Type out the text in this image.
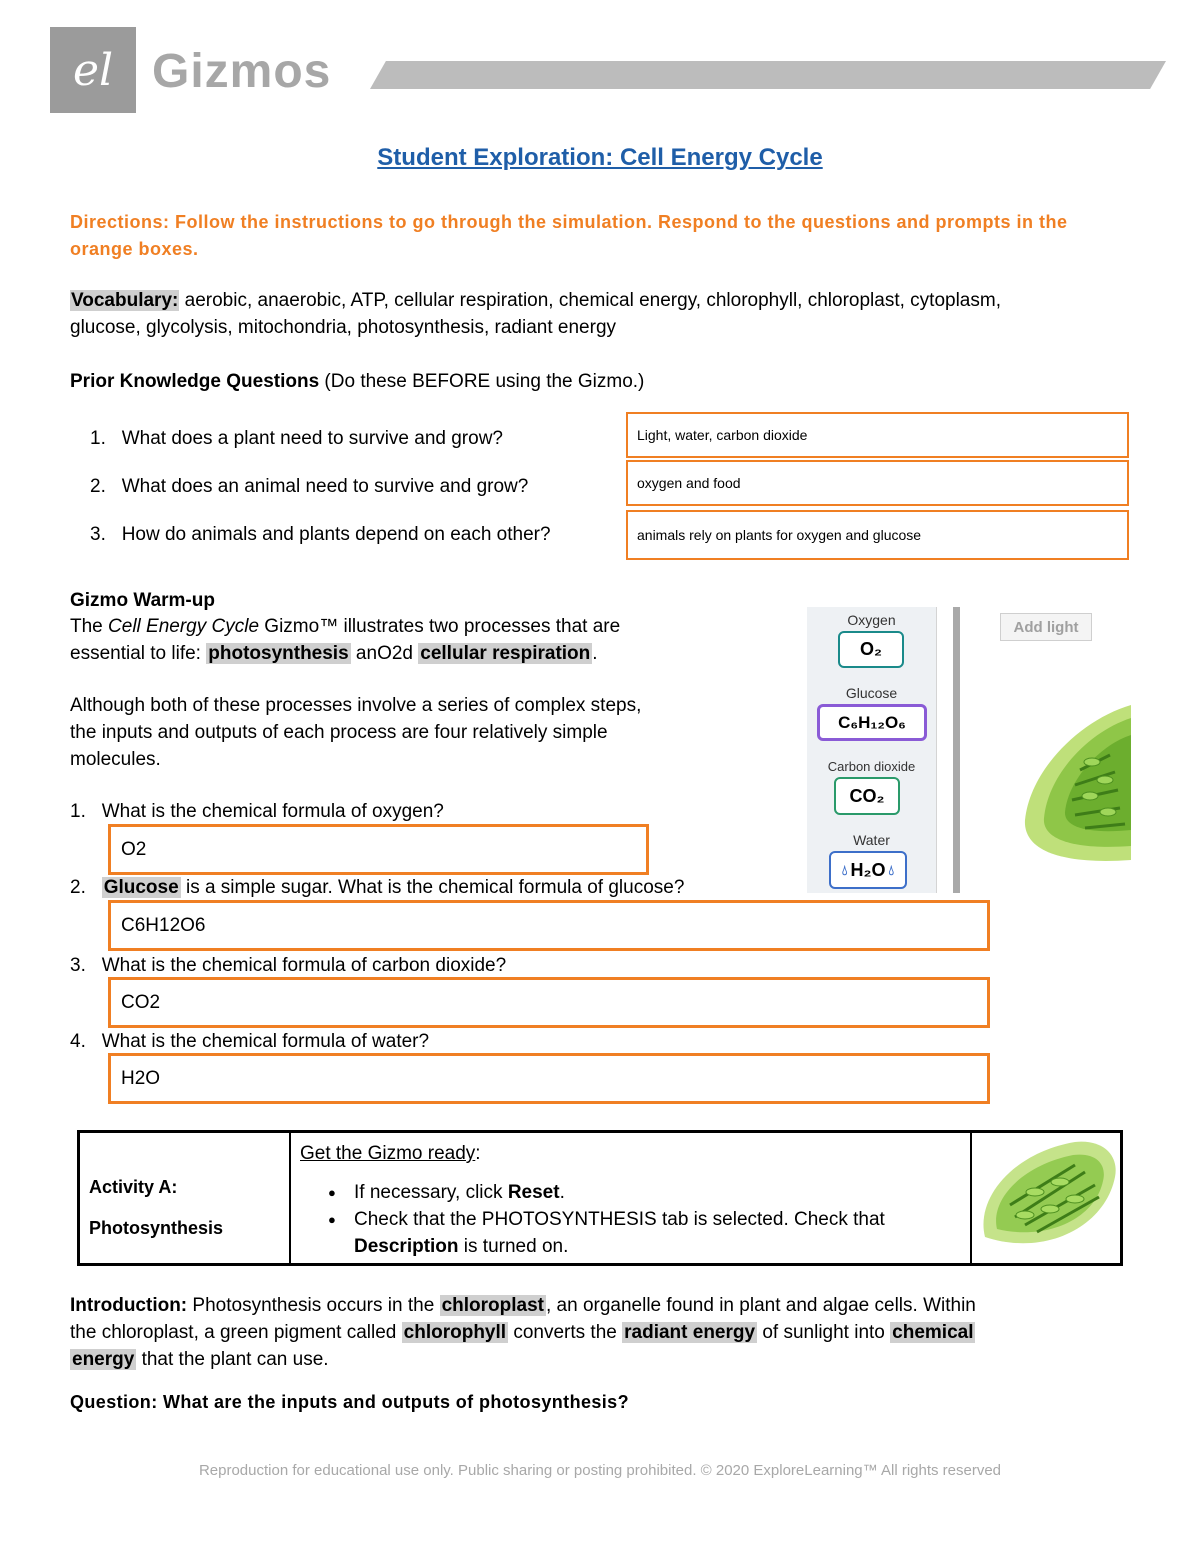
el Gizmos
Student Exploration: Cell Energy Cycle
Directions: Follow the instructions to go through the simulation. Respond to the questions and prompts in the orange boxes.
Vocabulary: aerobic, anaerobic, ATP, cellular respiration, chemical energy, chlorophyll, chloroplast, cytoplasm,
glucose, glycolysis, mitochondria, photosynthesis, radiant energy
Prior Knowledge Questions (Do these BEFORE using the Gizmo.)
1. What does a plant need to survive and grow?
2. What does an animal need to survive and grow?
3. How do animals and plants depend on each other?
Light, water, carbon dioxide
oxygen and food
animals rely on plants for oxygen and glucose
Gizmo Warm-up
The Cell Energy Cycle Gizmo™ illustrates two processes that are
essential to life: photosynthesis anO2d cellular respiration .
Although both of these processes involve a series of complex steps,
the inputs and outputs of each process are four relatively simple
molecules.
1. What is the chemical formula of oxygen?
O2
2. Glucose is a simple sugar. What is the chemical formula of glucose?
C6H12O6
3. What is the chemical formula of carbon dioxide?
CO2
4. What is the chemical formula of water?
H2O
Oxygen
O₂
Glucose
C₆H₁₂O₆
Carbon dioxide
CO₂
Water
💧︎ H₂O 💧︎
Add light
Activity A:
Photosynthesis
Get the Gizmo ready:
● If necessary, click Reset.
● Check that the PHOTOSYNTHESIS tab is selected. Check that
Description is turned on.
Introduction: Photosynthesis occurs in the chloroplast , an organelle found in plant and algae cells. Within
the chloroplast, a green pigment called chlorophyll converts the radiant energy of sunlight into chemical
energy that the plant can use.
Question: What are the inputs and outputs of photosynthesis?
Reproduction for educational use only. Public sharing or posting prohibited. © 2020 ExploreLearning™ All rights reserved
